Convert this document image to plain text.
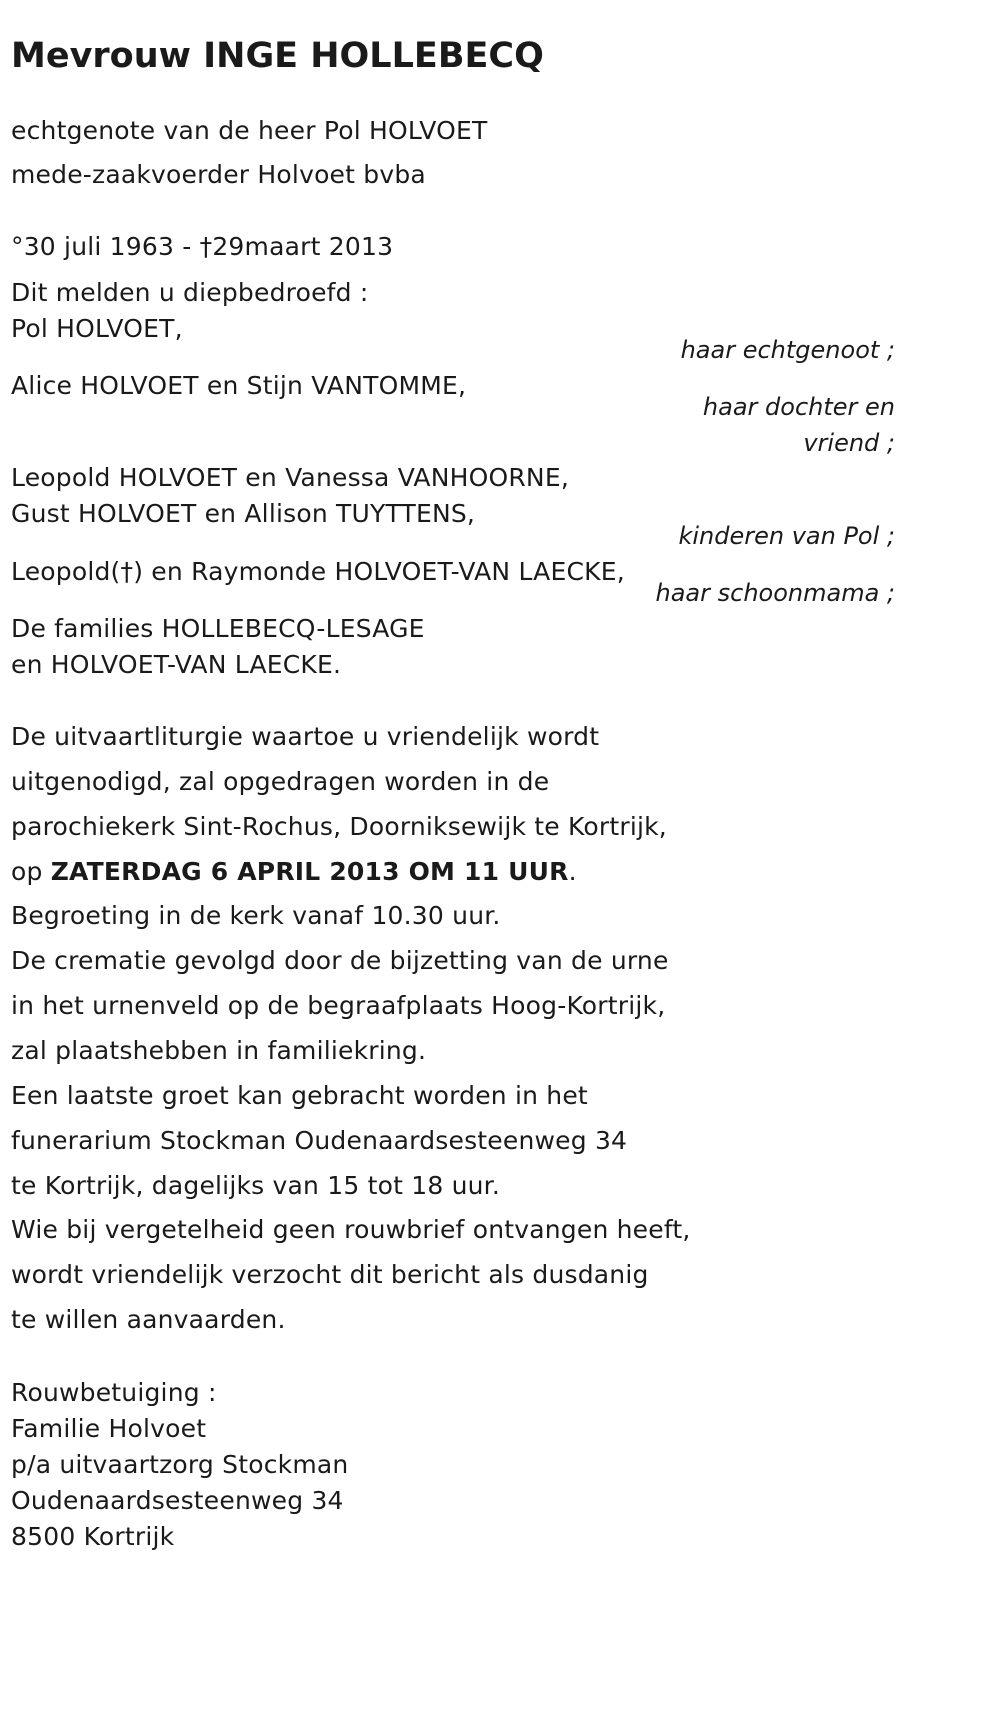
Mevrouw INGE HOLLEBECQ
echtgenote van de heer Pol HOLVOET
mede-zaakvoerder Holvoet bvba
°30 juli 1963 - †29maart 2013
Dit melden u diepbedroefd :
Pol HOLVOET,
haar echtgenoot ;
Alice HOLVOET en Stijn VANTOMME,
haar dochter en
vriend ;
Leopold HOLVOET en Vanessa VANHOORNE,
Gust HOLVOET en Allison TUYTTENS,
kinderen van Pol ;
Leopold(†) en Raymonde HOLVOET-VAN LAECKE,
haar schoonmama ;
De families HOLLEBECQ-LESAGE
en HOLVOET-VAN LAECKE.
De uitvaartliturgie waartoe u vriendelijk wordt
uitgenodigd, zal opgedragen worden in de
parochiekerk Sint-Rochus, Doorniksewijk te Kortrijk,
op ZATERDAG 6 APRIL 2013 OM 11 UUR.
Begroeting in de kerk vanaf 10.30 uur.
De crematie gevolgd door de bijzetting van de urne
in het urnenveld op de begraafplaats Hoog-Kortrijk,
zal plaatshebben in familiekring.
Een laatste groet kan gebracht worden in het
funerarium Stockman Oudenaardsesteenweg 34
te Kortrijk, dagelijks van 15 tot 18 uur.
Wie bij vergetelheid geen rouwbrief ontvangen heeft,
wordt vriendelijk verzocht dit bericht als dusdanig
te willen aanvaarden.
Rouwbetuiging :
Familie Holvoet
p/a uitvaartzorg Stockman
Oudenaardsesteenweg 34
8500 Kortrijk
